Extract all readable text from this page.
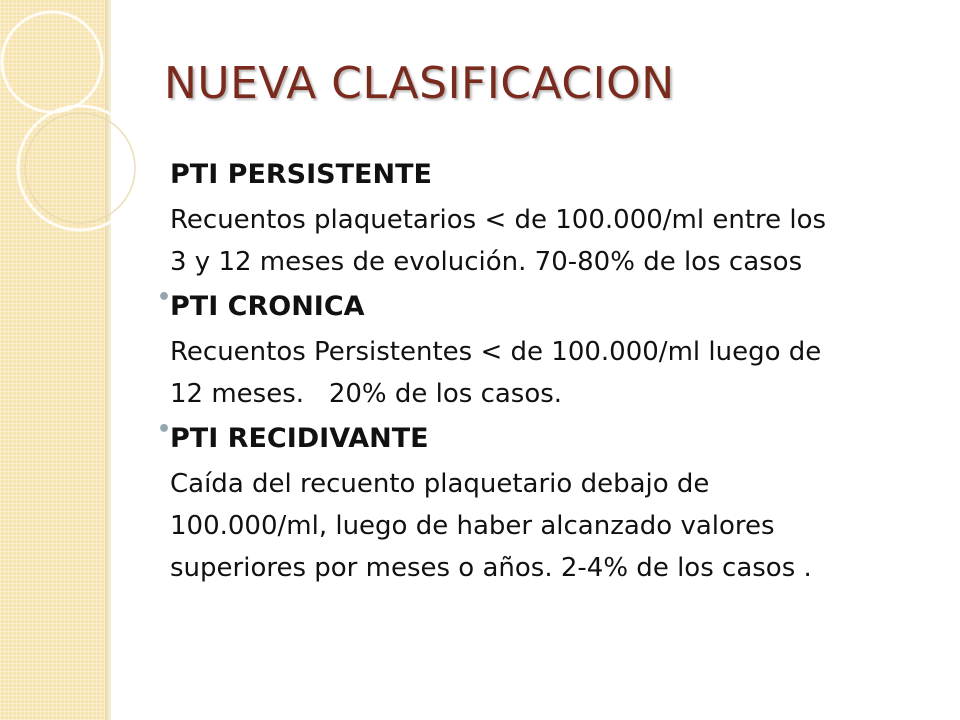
NUEVA CLASIFICACION
PTI PERSISTENTE
Recuentos plaquetarios < de 100.000/ml entre los
3 y 12 meses de evolución. 70-80% de los casos
•
PTI CRONICA
Recuentos Persistentes < de 100.000/ml luego de
12 meses.   20% de los casos.
•
PTI RECIDIVANTE
Caída del recuento plaquetario debajo de
100.000/ml, luego de haber alcanzado valores
superiores por meses o años. 2-4% de los casos .
